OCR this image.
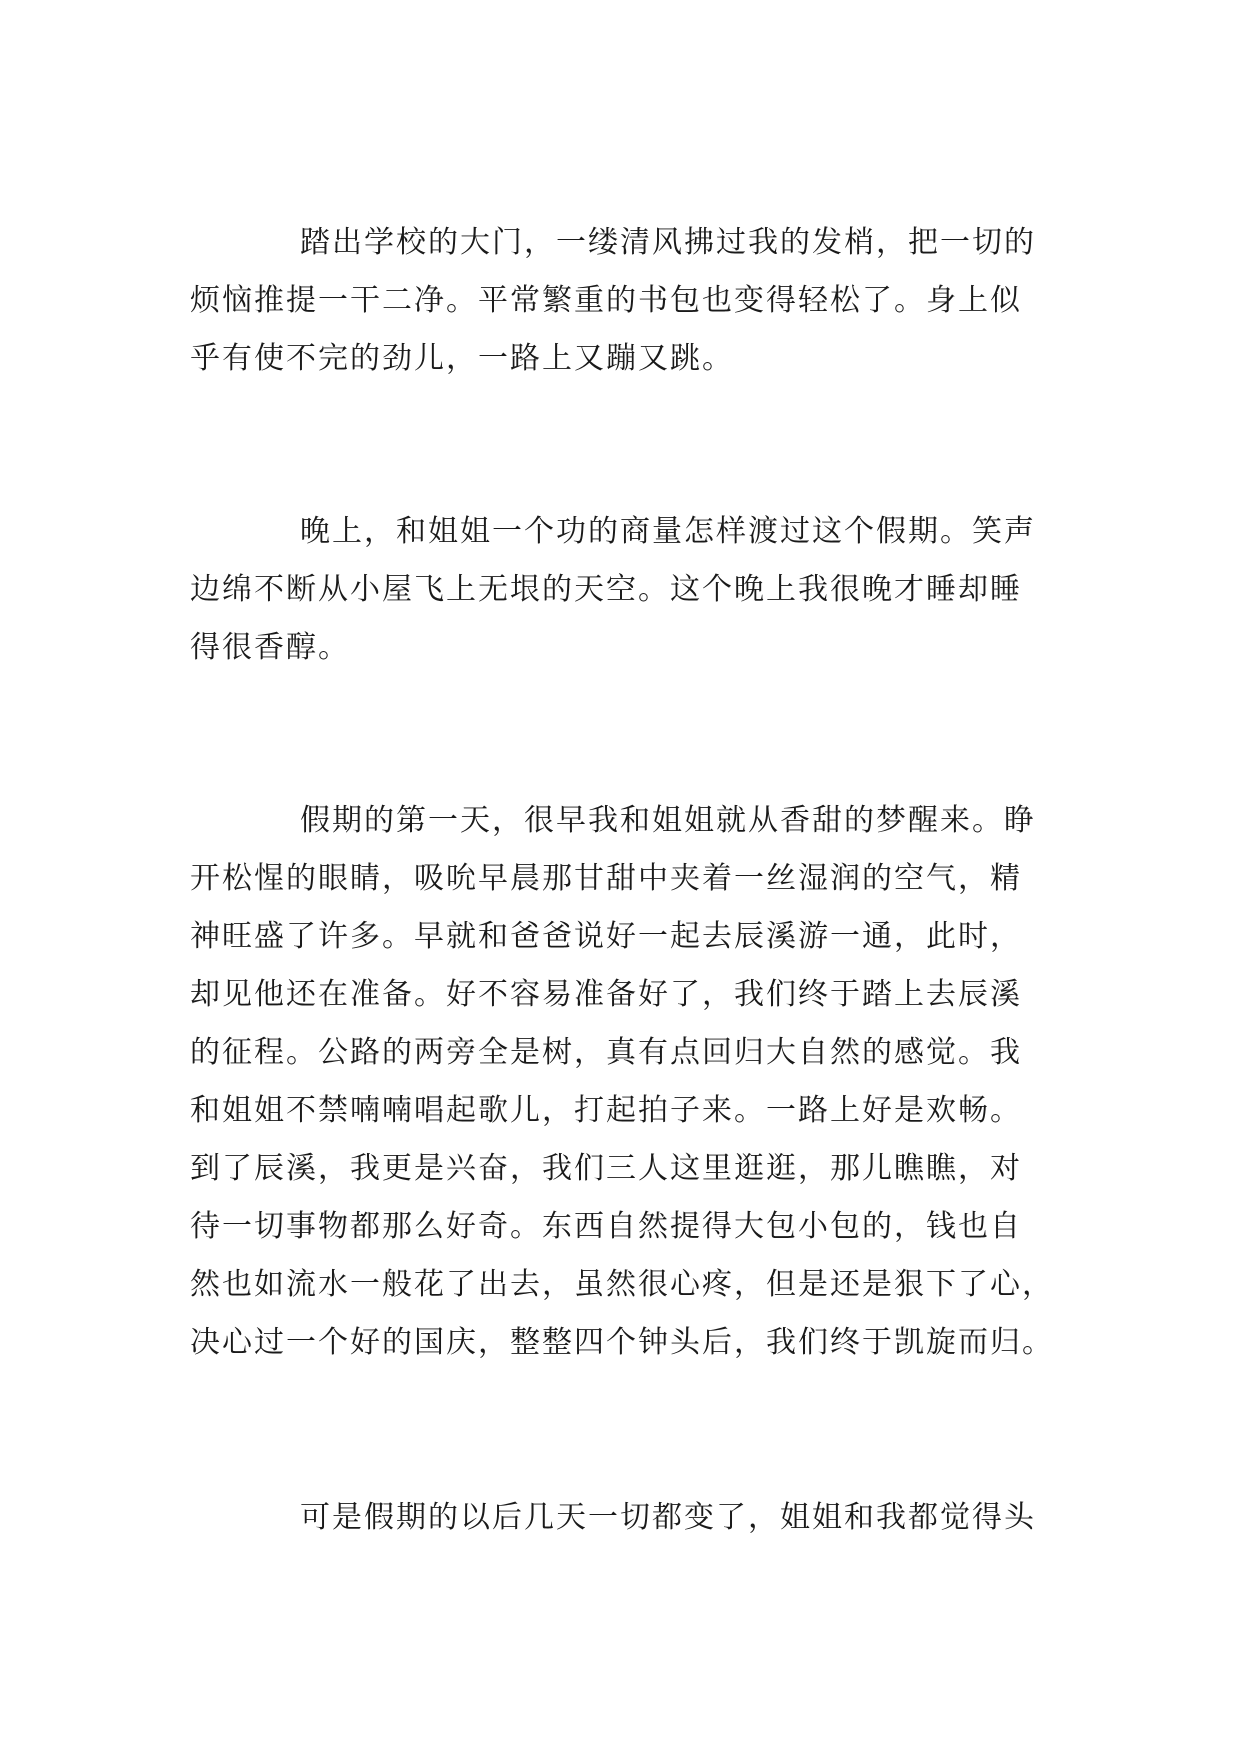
踏出学校的大门，一缕清风拂过我的发梢，把一切的
烦恼推提一干二净。平常繁重的书包也变得轻松了。身上似
乎有使不完的劲儿，一路上又蹦又跳。
晚上，和姐姐一个功的商量怎样渡过这个假期。笑声
边绵不断从小屋飞上无垠的天空。这个晚上我很晚才睡却睡
得很香醇。
假期的第一天，很早我和姐姐就从香甜的梦醒来。睁
开松惺的眼睛，吸吮早晨那甘甜中夹着一丝湿润的空气，精
神旺盛了许多。早就和爸爸说好一起去辰溪游一通，此时，
却见他还在准备。好不容易准备好了，我们终于踏上去辰溪
的征程。公路的两旁全是树，真有点回归大自然的感觉。我
和姐姐不禁喃喃唱起歌儿，打起拍子来。一路上好是欢畅。
到了辰溪，我更是兴奋，我们三人这里逛逛，那儿瞧瞧，对
待一切事物都那么好奇。东西自然提得大包小包的，钱也自
然也如流水一般花了出去，虽然很心疼，但是还是狠下了心，
决心过一个好的国庆，整整四个钟头后，我们终于凯旋而归。
可是假期的以后几天一切都变了，姐姐和我都觉得头
